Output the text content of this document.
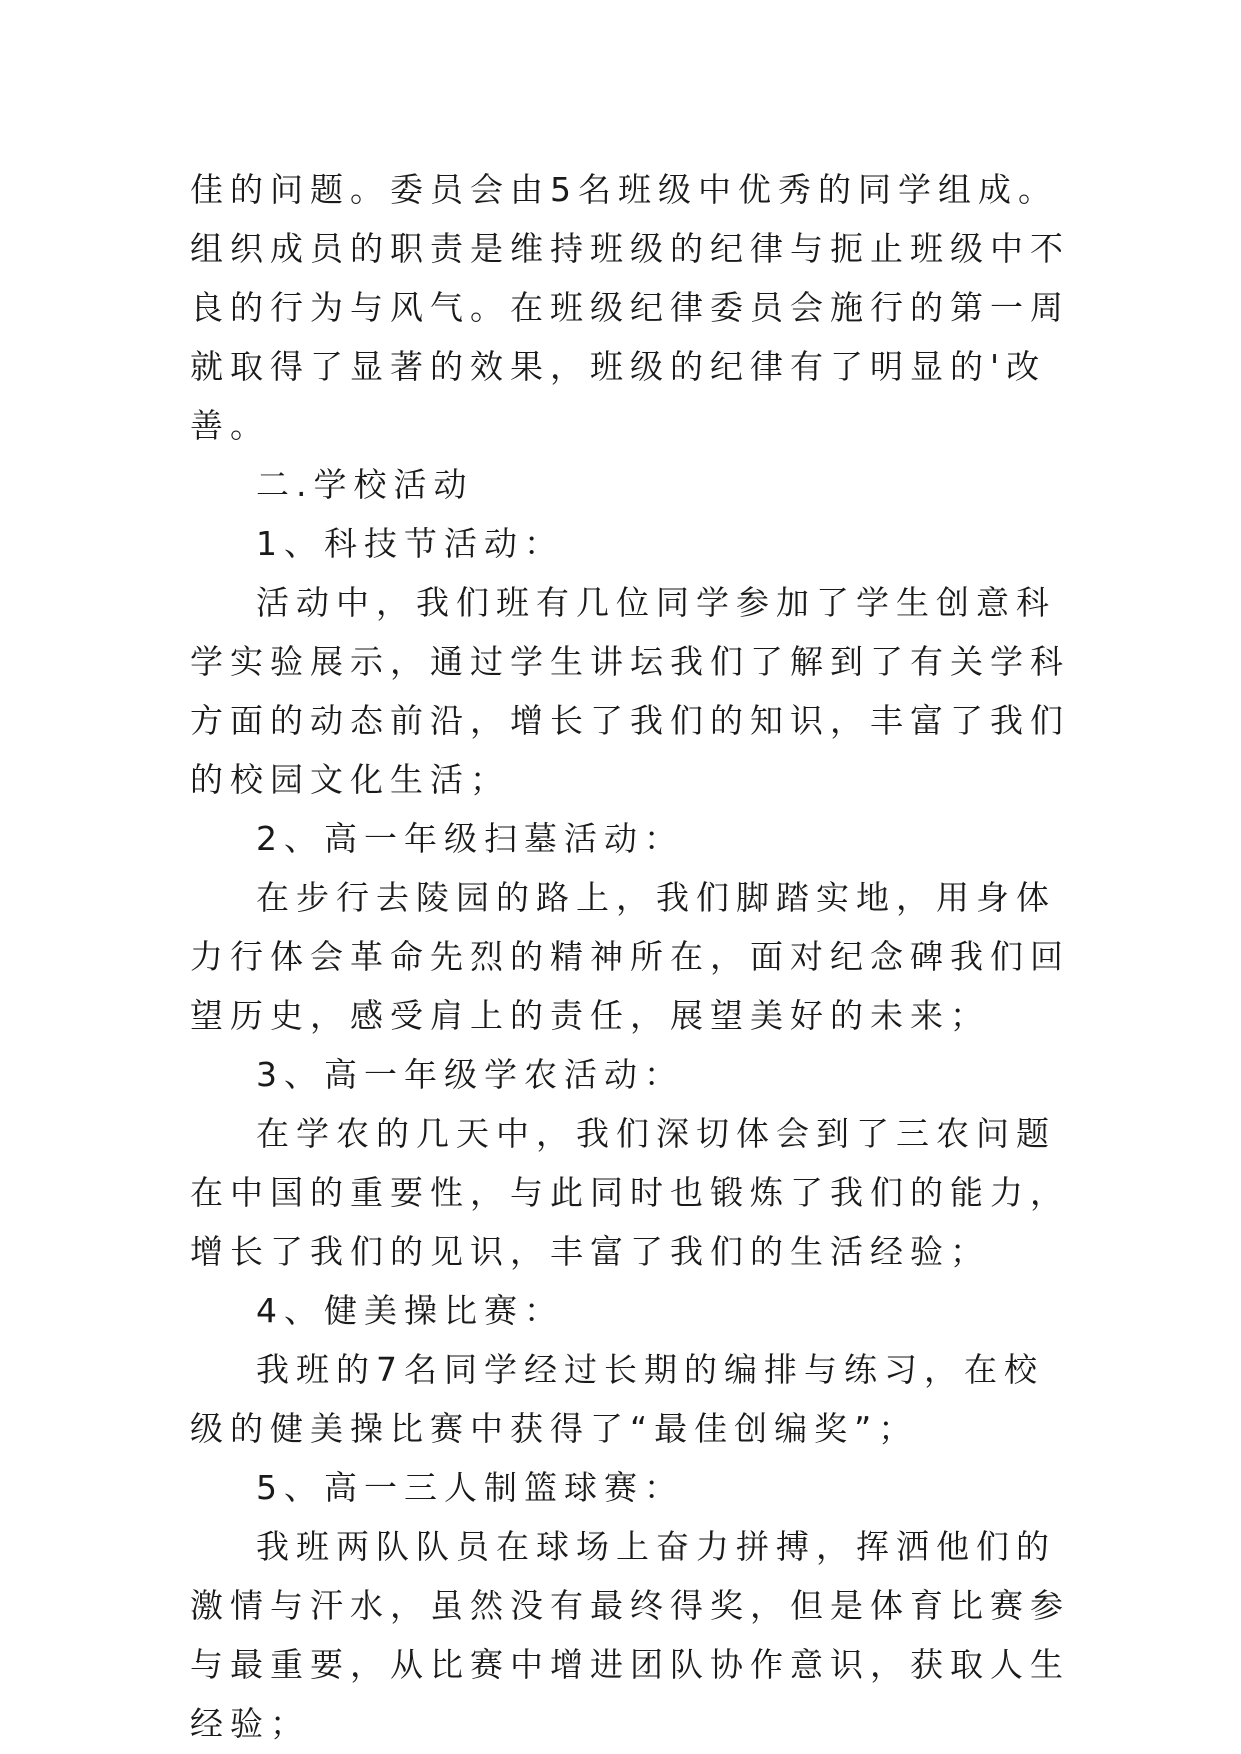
佳的问题。委员会由5名班级中优秀的同学组成。组织成员的职责是维持班级的纪律与扼止班级中不良的行为与风气。在班级纪律委员会施行的第一周就取得了显著的效果，班级的纪律有了明显的'改善。

二.学校活动

1、科技节活动：

活动中，我们班有几位同学参加了学生创意科学实验展示，通过学生讲坛我们了解到了有关学科方面的动态前沿，增长了我们的知识，丰富了我们的校园文化生活；

2、高一年级扫墓活动：

在步行去陵园的路上，我们脚踏实地，用身体力行体会革命先烈的精神所在，面对纪念碑我们回望历史，感受肩上的责任，展望美好的未来；

3、高一年级学农活动：

在学农的几天中，我们深切体会到了三农问题在中国的重要性，与此同时也锻炼了我们的能力，增长了我们的见识，丰富了我们的生活经验；

4、健美操比赛：

我班的7名同学经过长期的编排与练习，在校级的健美操比赛中获得了“最佳创编奖”；

5、高一三人制篮球赛：

我班两队队员在球场上奋力拼搏，挥洒他们的激情与汗水，虽然没有最终得奖，但是体育比赛参与最重要，从比赛中增进团队协作意识，获取人生经验；
